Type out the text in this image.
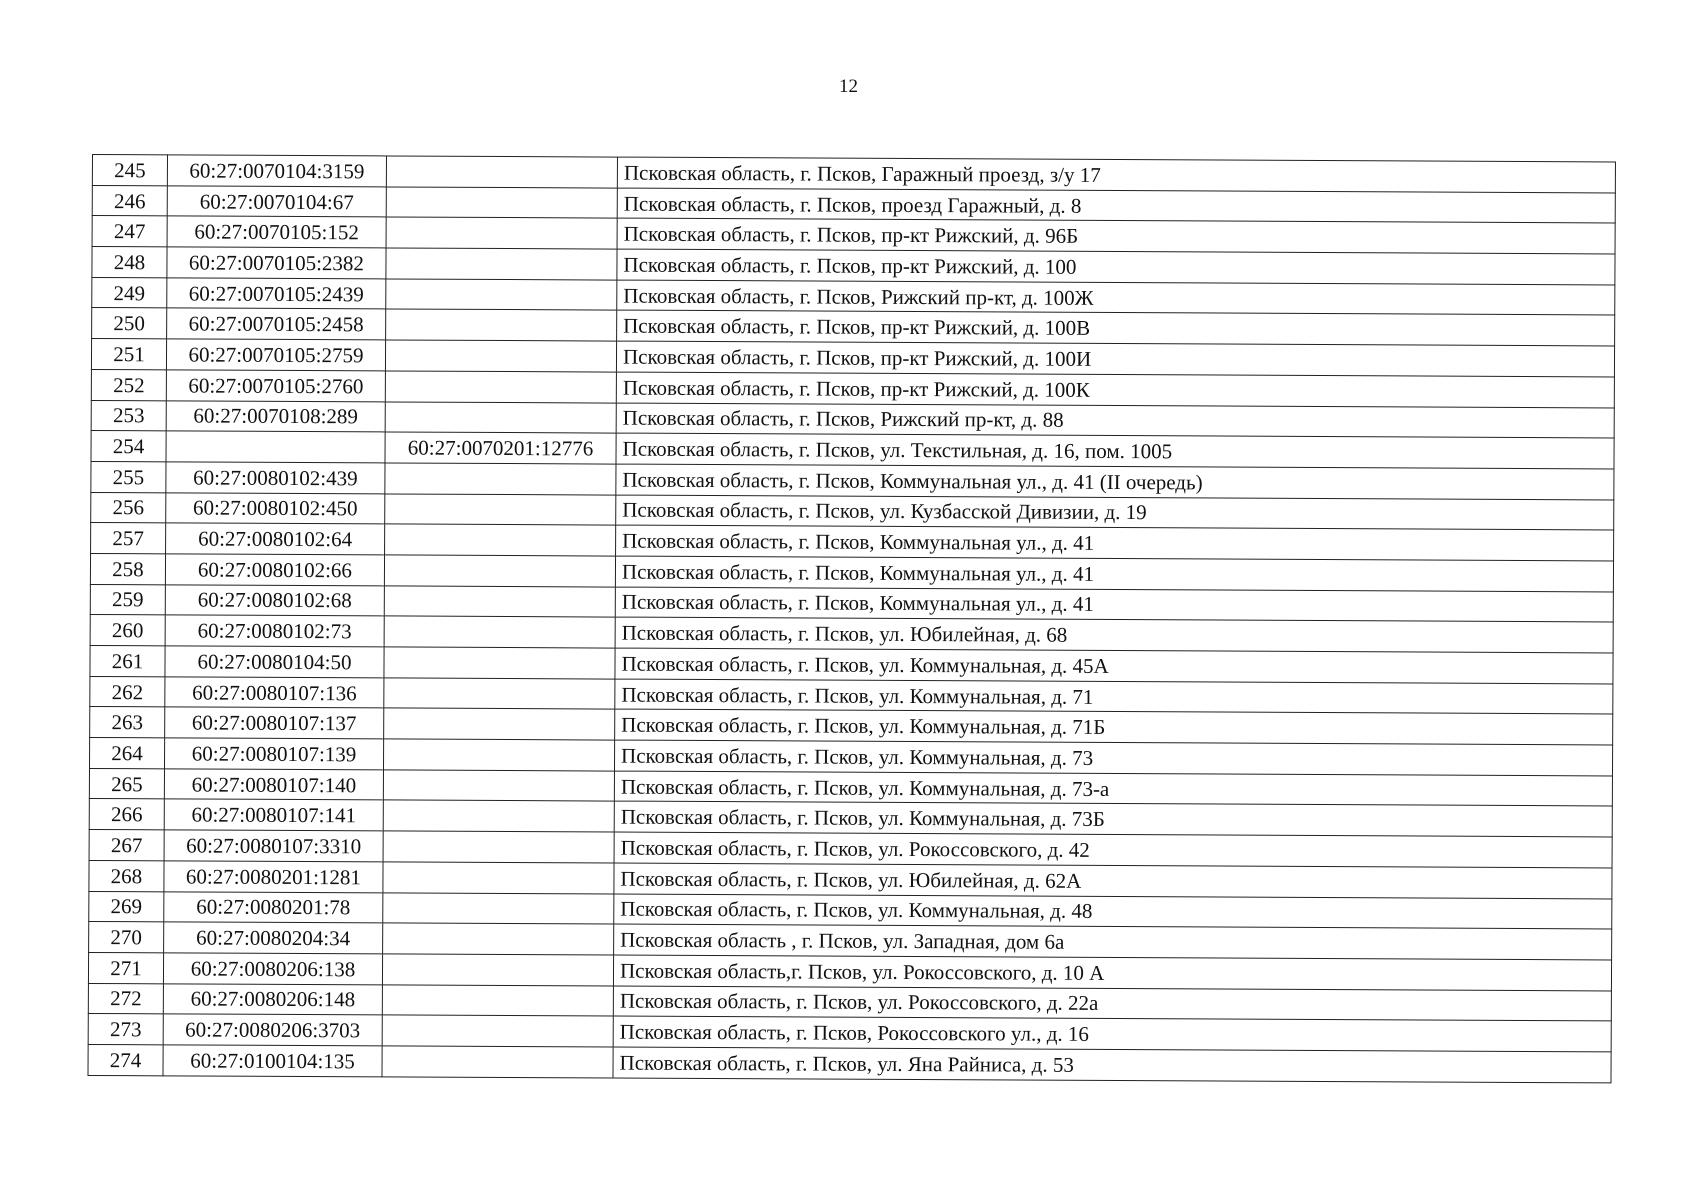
12
245	60:27:0070104:3159		Псковская область, г. Псков, Гаражный проезд, з/у 17
246	60:27:0070104:67		Псковская область, г. Псков, проезд Гаражный, д. 8
247	60:27:0070105:152		Псковская область, г. Псков, пр-кт Рижский, д. 96Б
248	60:27:0070105:2382		Псковская область, г. Псков, пр-кт Рижский, д. 100
249	60:27:0070105:2439		Псковская область, г. Псков, Рижский пр-кт, д. 100Ж
250	60:27:0070105:2458		Псковская область, г. Псков, пр-кт Рижский, д. 100В
251	60:27:0070105:2759		Псковская область, г. Псков, пр-кт Рижский, д. 100И
252	60:27:0070105:2760		Псковская область, г. Псков, пр-кт Рижский, д. 100К
253	60:27:0070108:289		Псковская область, г. Псков, Рижский пр-кт, д. 88
254		60:27:0070201:12776	Псковская область, г. Псков, ул. Текстильная, д. 16, пом. 1005
255	60:27:0080102:439		Псковская область, г. Псков, Коммунальная ул., д. 41 (II очередь)
256	60:27:0080102:450		Псковская область, г. Псков, ул. Кузбасской Дивизии, д. 19
257	60:27:0080102:64		Псковская область, г. Псков, Коммунальная ул., д. 41
258	60:27:0080102:66		Псковская область, г. Псков, Коммунальная ул., д. 41
259	60:27:0080102:68		Псковская область, г. Псков, Коммунальная ул., д. 41
260	60:27:0080102:73		Псковская область, г. Псков, ул. Юбилейная, д. 68
261	60:27:0080104:50		Псковская область, г. Псков, ул. Коммунальная, д. 45А
262	60:27:0080107:136		Псковская область, г. Псков, ул. Коммунальная, д. 71
263	60:27:0080107:137		Псковская область, г. Псков, ул. Коммунальная, д. 71Б
264	60:27:0080107:139		Псковская область, г. Псков, ул. Коммунальная, д. 73
265	60:27:0080107:140		Псковская область, г. Псков, ул. Коммунальная, д. 73-а
266	60:27:0080107:141		Псковская область, г. Псков, ул. Коммунальная, д. 73Б
267	60:27:0080107:3310		Псковская область, г. Псков, ул. Рокоссовского, д. 42
268	60:27:0080201:1281		Псковская область, г. Псков, ул. Юбилейная, д. 62А
269	60:27:0080201:78		Псковская область, г. Псков, ул. Коммунальная, д. 48
270	60:27:0080204:34		Псковская область , г. Псков, ул. Западная, дом 6а
271	60:27:0080206:138		Псковская область,г. Псков, ул. Рокоссовского, д. 10 А
272	60:27:0080206:148		Псковская область, г. Псков, ул. Рокоссовского, д. 22а
273	60:27:0080206:3703		Псковская область, г. Псков, Рокоссовского ул., д. 16
274	60:27:0100104:135		Псковская область, г. Псков, ул. Яна Райниса, д. 53
